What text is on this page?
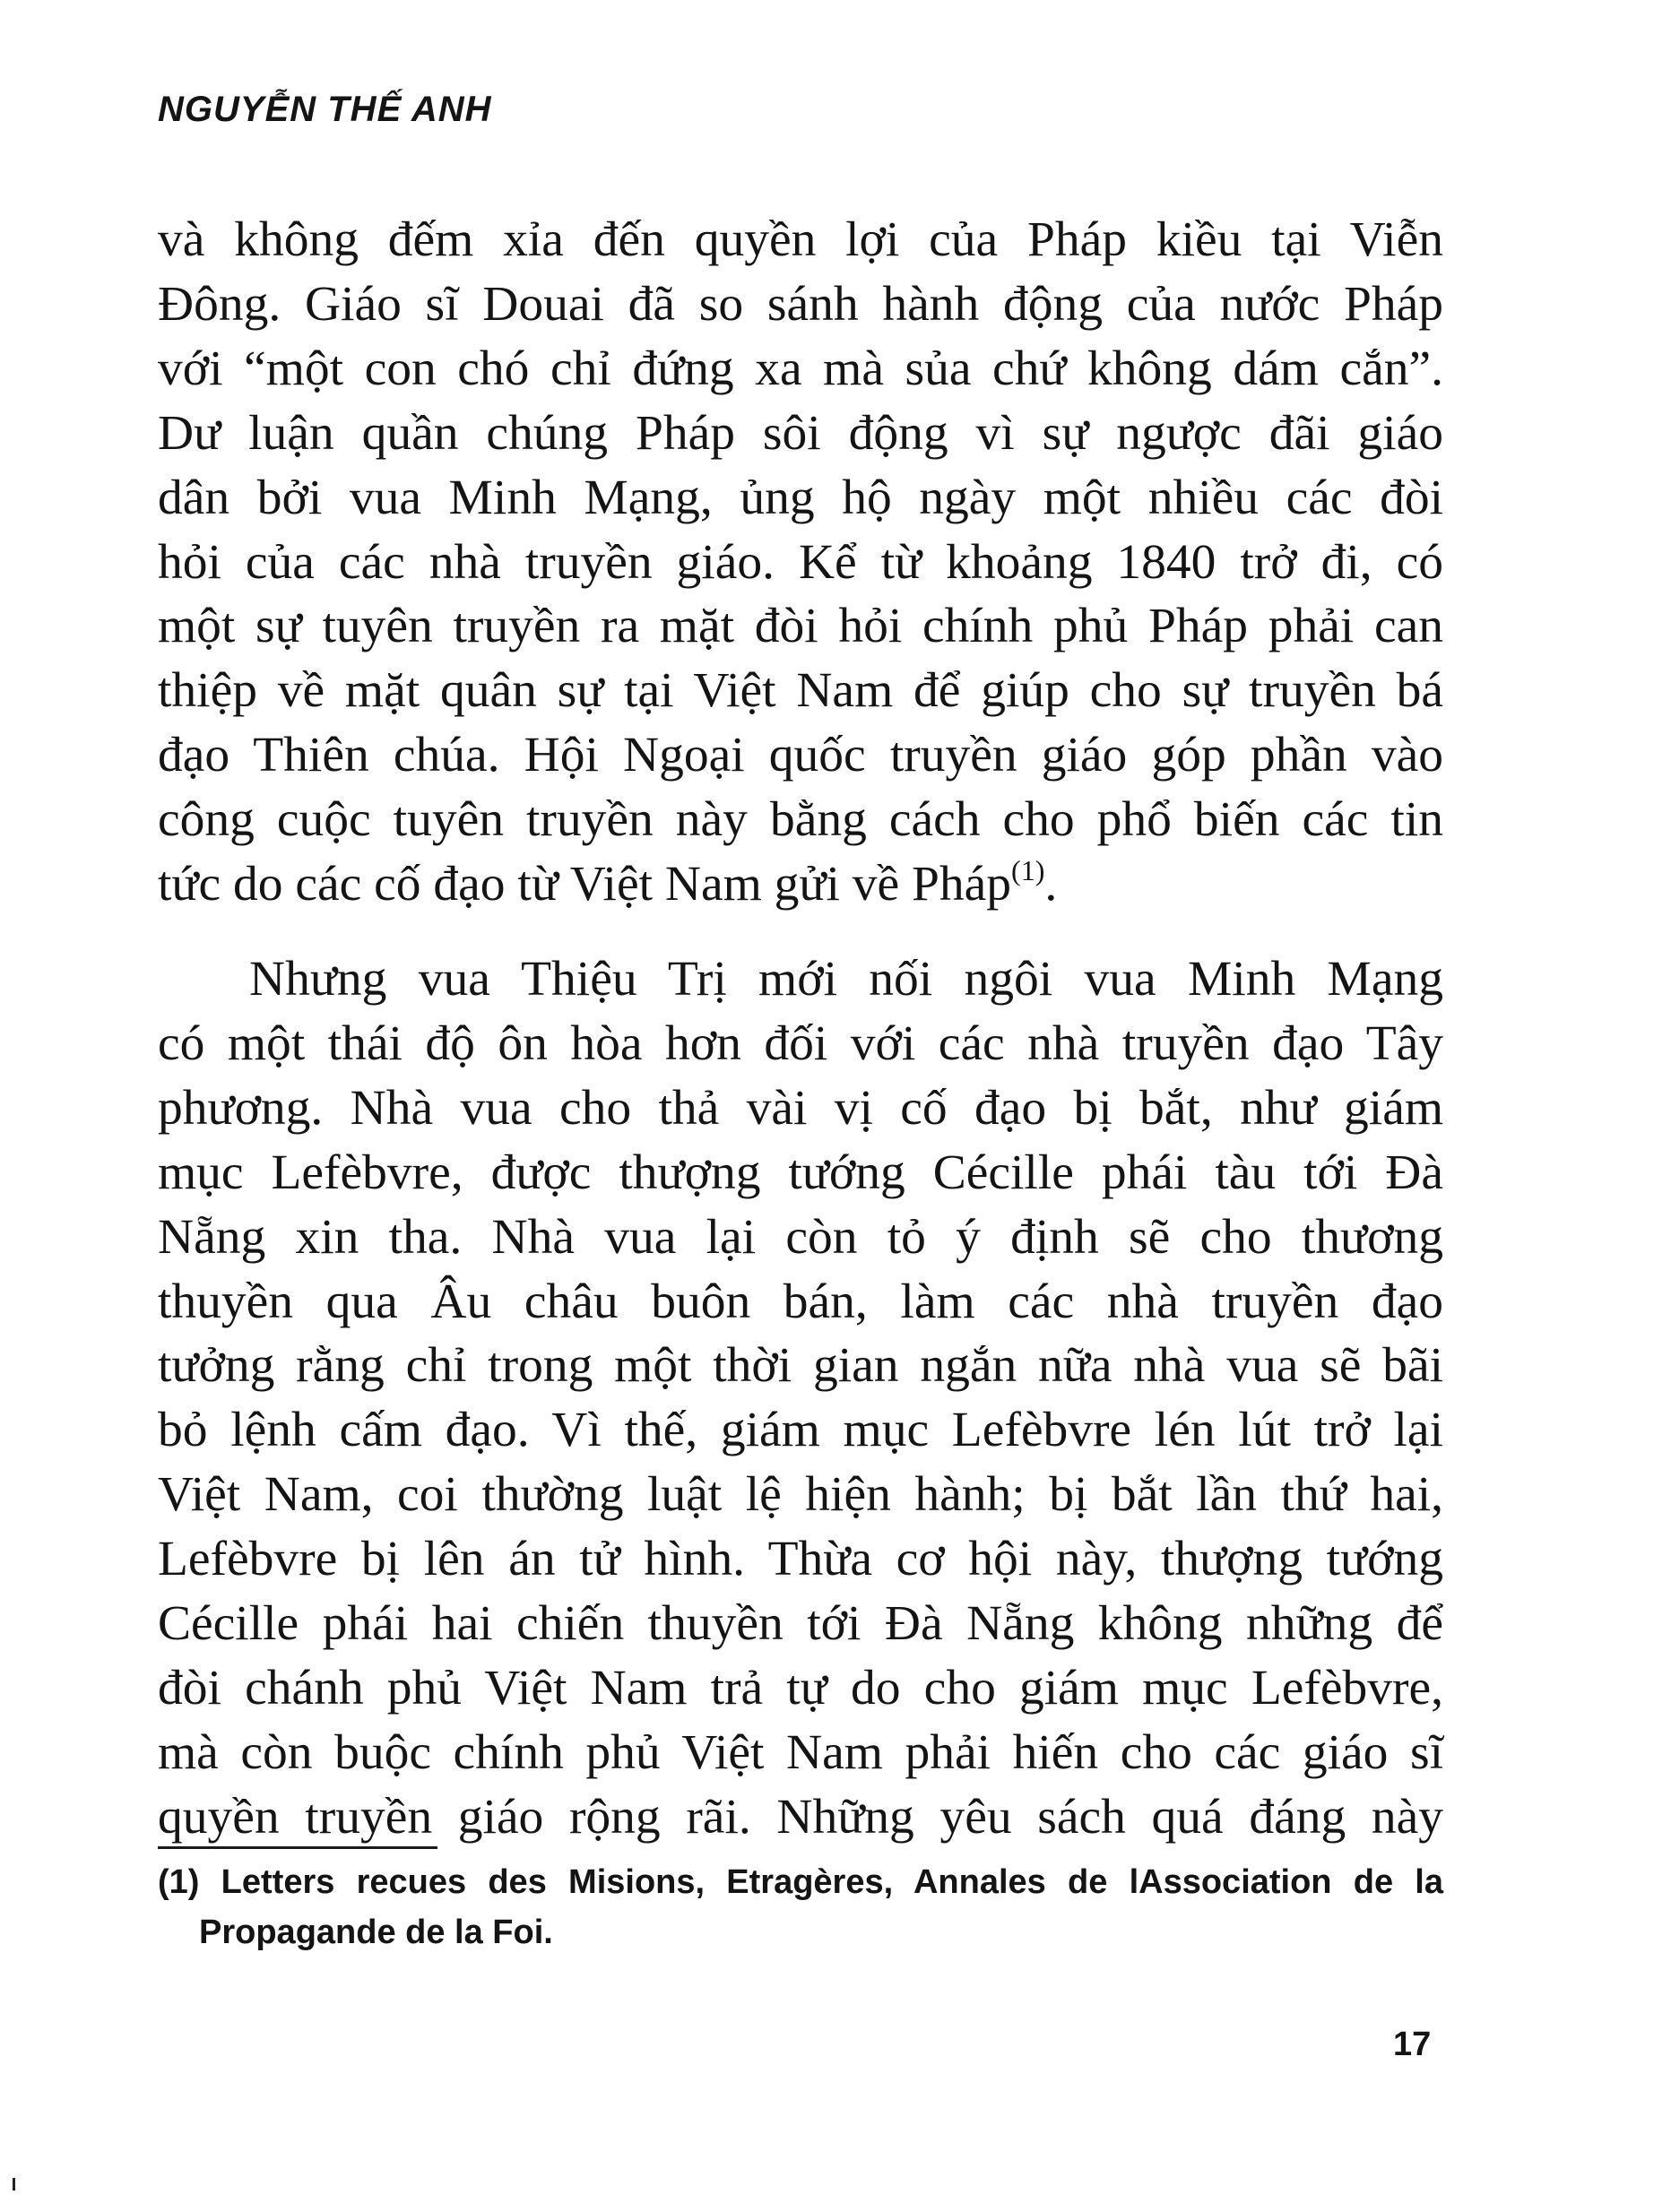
NGUYỄN THẾ ANH
và không đếm xỉa đến quyền lợi của Pháp kiều tại Viễn
Đông. Giáo sĩ Douai đã so sánh hành động của nước Pháp
với “một con chó chỉ đứng xa mà sủa chứ không dám cắn”.
Dư luận quần chúng Pháp sôi động vì sự ngược đãi giáo
dân bởi vua Minh Mạng, ủng hộ ngày một nhiều các đòi
hỏi của các nhà truyền giáo. Kể từ khoảng 1840 trở đi, có
một sự tuyên truyền ra mặt đòi hỏi chính phủ Pháp phải can
thiệp về mặt quân sự tại Việt Nam để giúp cho sự truyền bá
đạo Thiên chúa. Hội Ngoại quốc truyền giáo góp phần vào
công cuộc tuyên truyền này bằng cách cho phổ biến các tin
tức do các cố đạo từ Việt Nam gửi về Pháp$^{(1)}$.
Nhưng vua Thiệu Trị mới nối ngôi vua Minh Mạng
có một thái độ ôn hòa hơn đối với các nhà truyền đạo Tây
phương. Nhà vua cho thả vài vị cố đạo bị bắt, như giám
mục Lefèbvre, được thượng tướng Cécille phái tàu tới Đà
Nẵng xin tha. Nhà vua lại còn tỏ ý định sẽ cho thương
thuyền qua Âu châu buôn bán, làm các nhà truyền đạo
tưởng rằng chỉ trong một thời gian ngắn nữa nhà vua sẽ bãi
bỏ lệnh cấm đạo. Vì thế, giám mục Lefèbvre lén lút trở lại
Việt Nam, coi thường luật lệ hiện hành; bị bắt lần thứ hai,
Lefèbvre bị lên án tử hình. Thừa cơ hội này, thượng tướng
Cécille phái hai chiến thuyền tới Đà Nẵng không những để
đòi chánh phủ Việt Nam trả tự do cho giám mục Lefèbvre,
mà còn buộc chính phủ Việt Nam phải hiến cho các giáo sĩ
quyền truyền giáo rộng rãi. Những yêu sách quá đáng này
(1) Letters recues des Misions, Etragères, Annales de lAssociation de la
Propagande de la Foi.
17
